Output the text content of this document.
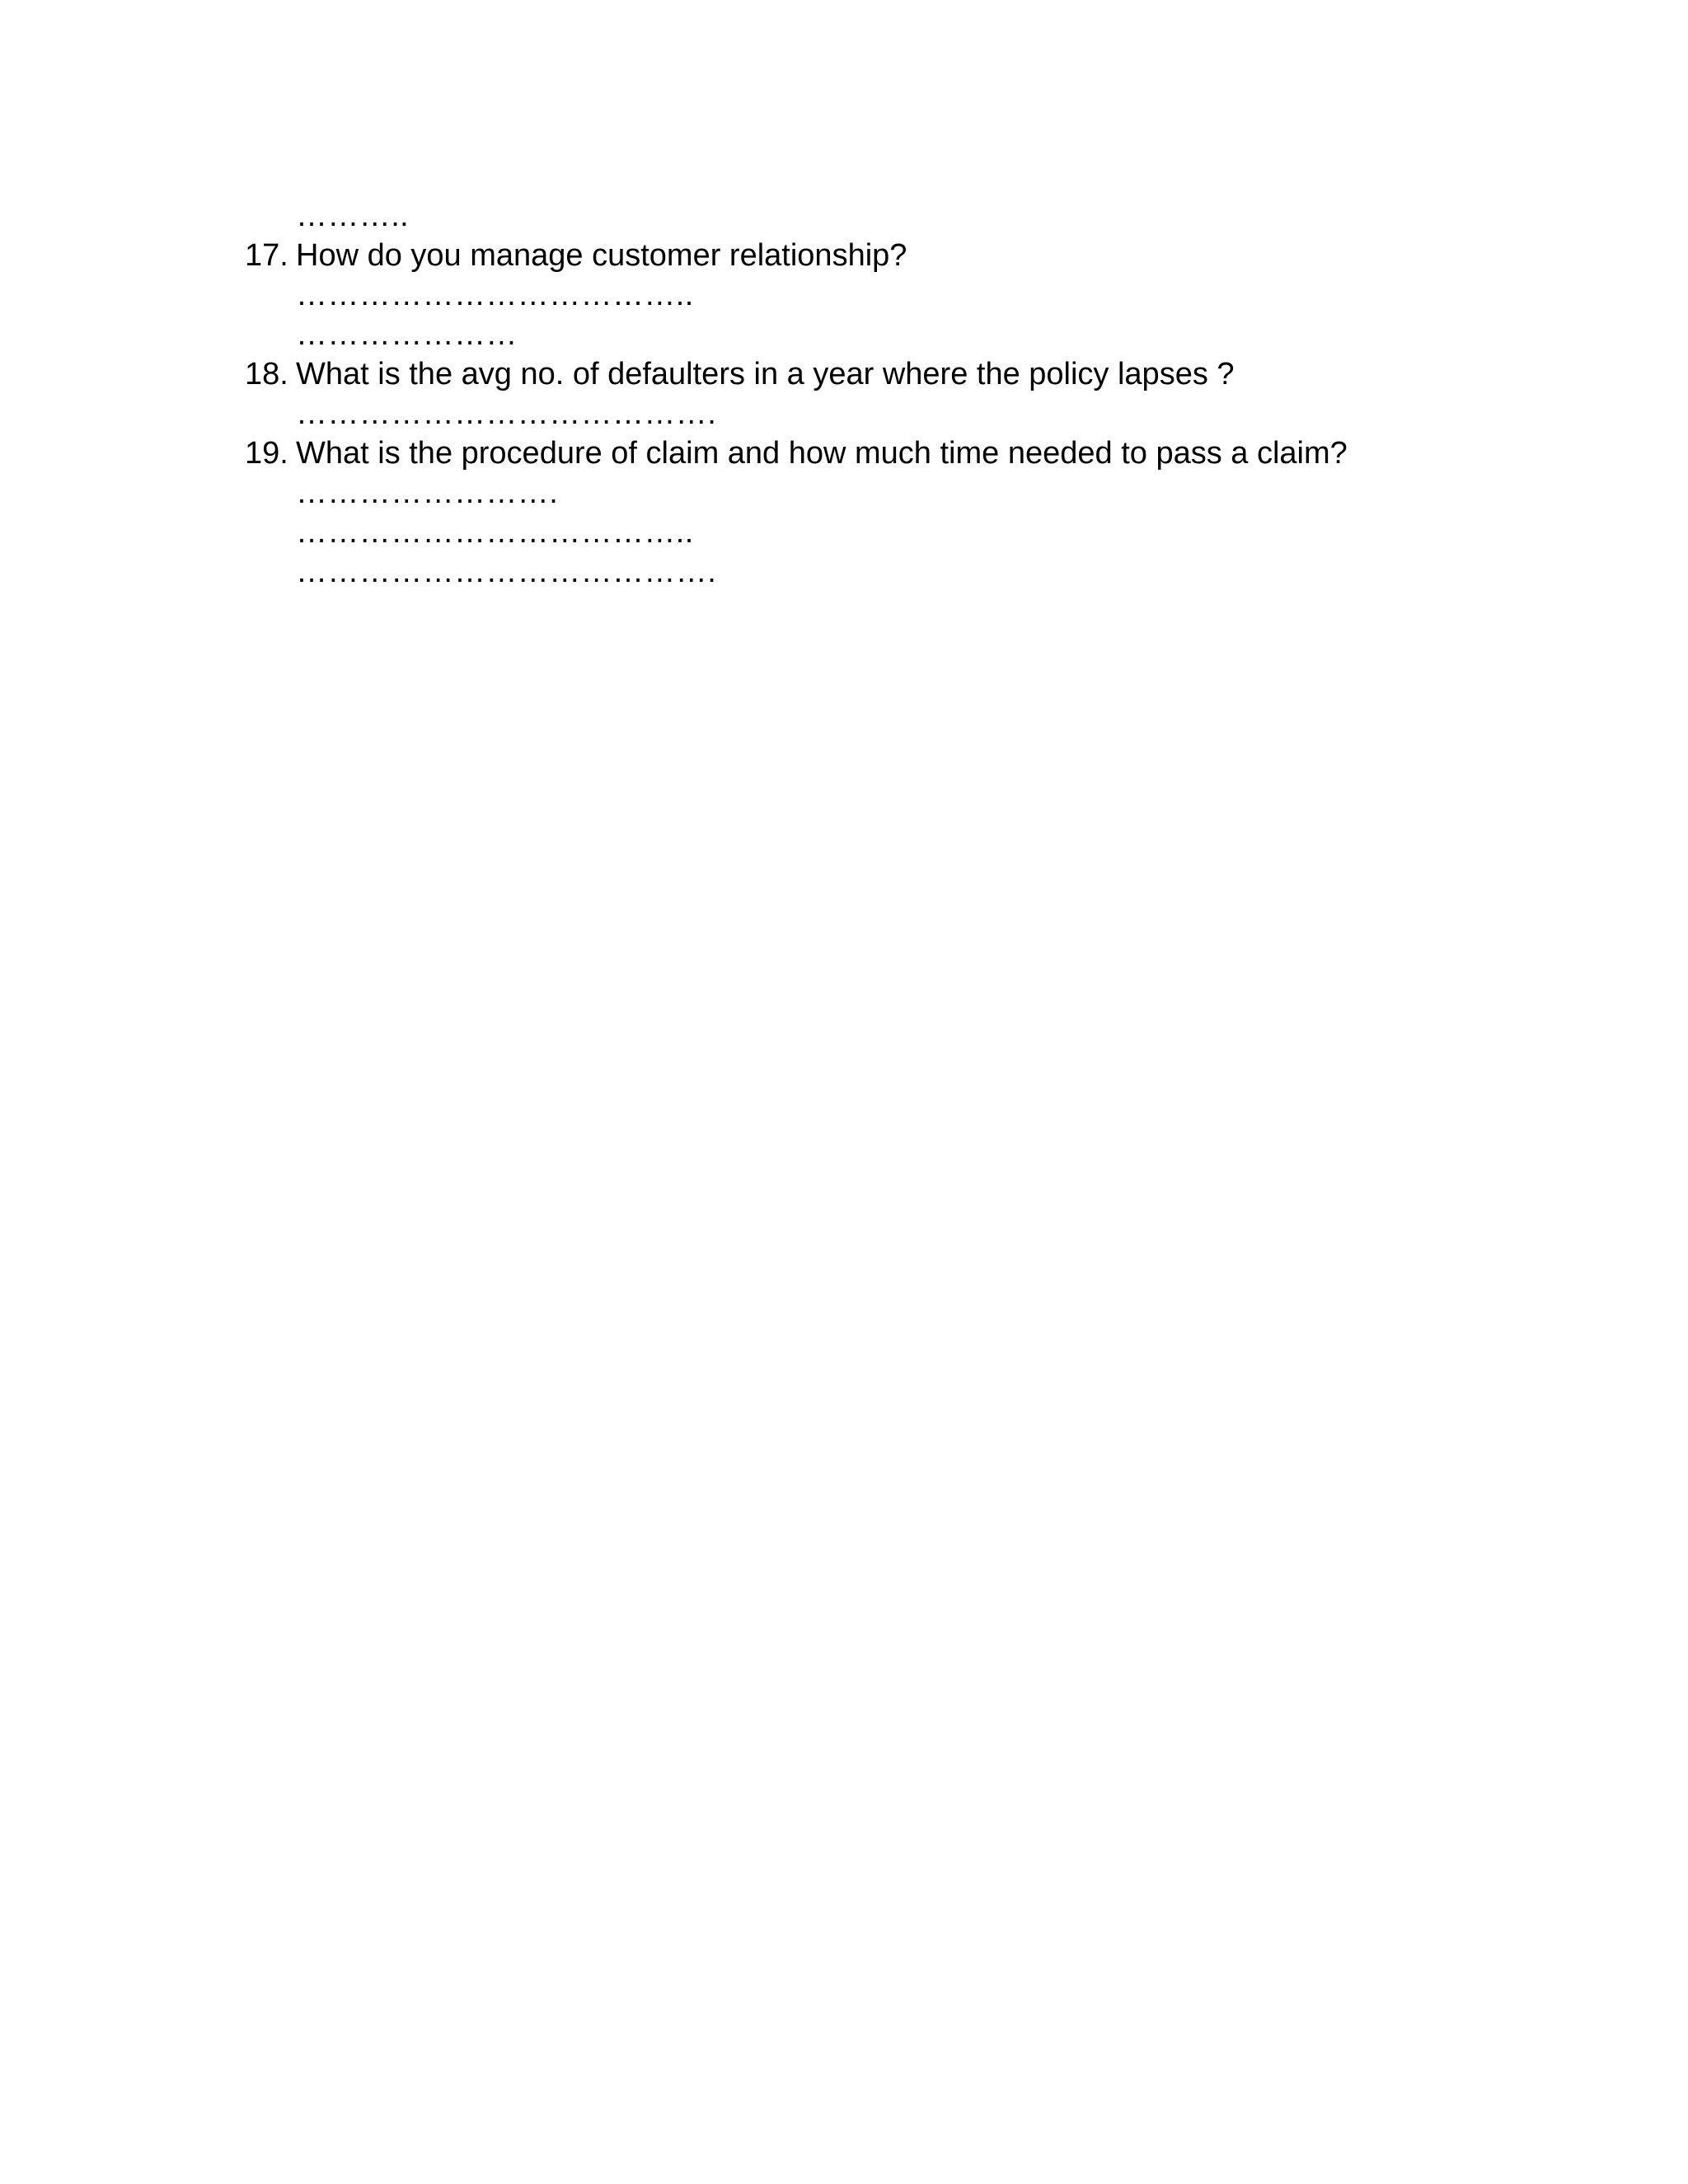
………..
17. How do you manage customer relationship?
………………………………..
…………………
18. What is the avg no. of defaulters in a year where the policy lapses ?
………………………………….
19. What is the procedure of claim and how much time needed to pass a claim?
…………………….
………………………………..
………………………………….
